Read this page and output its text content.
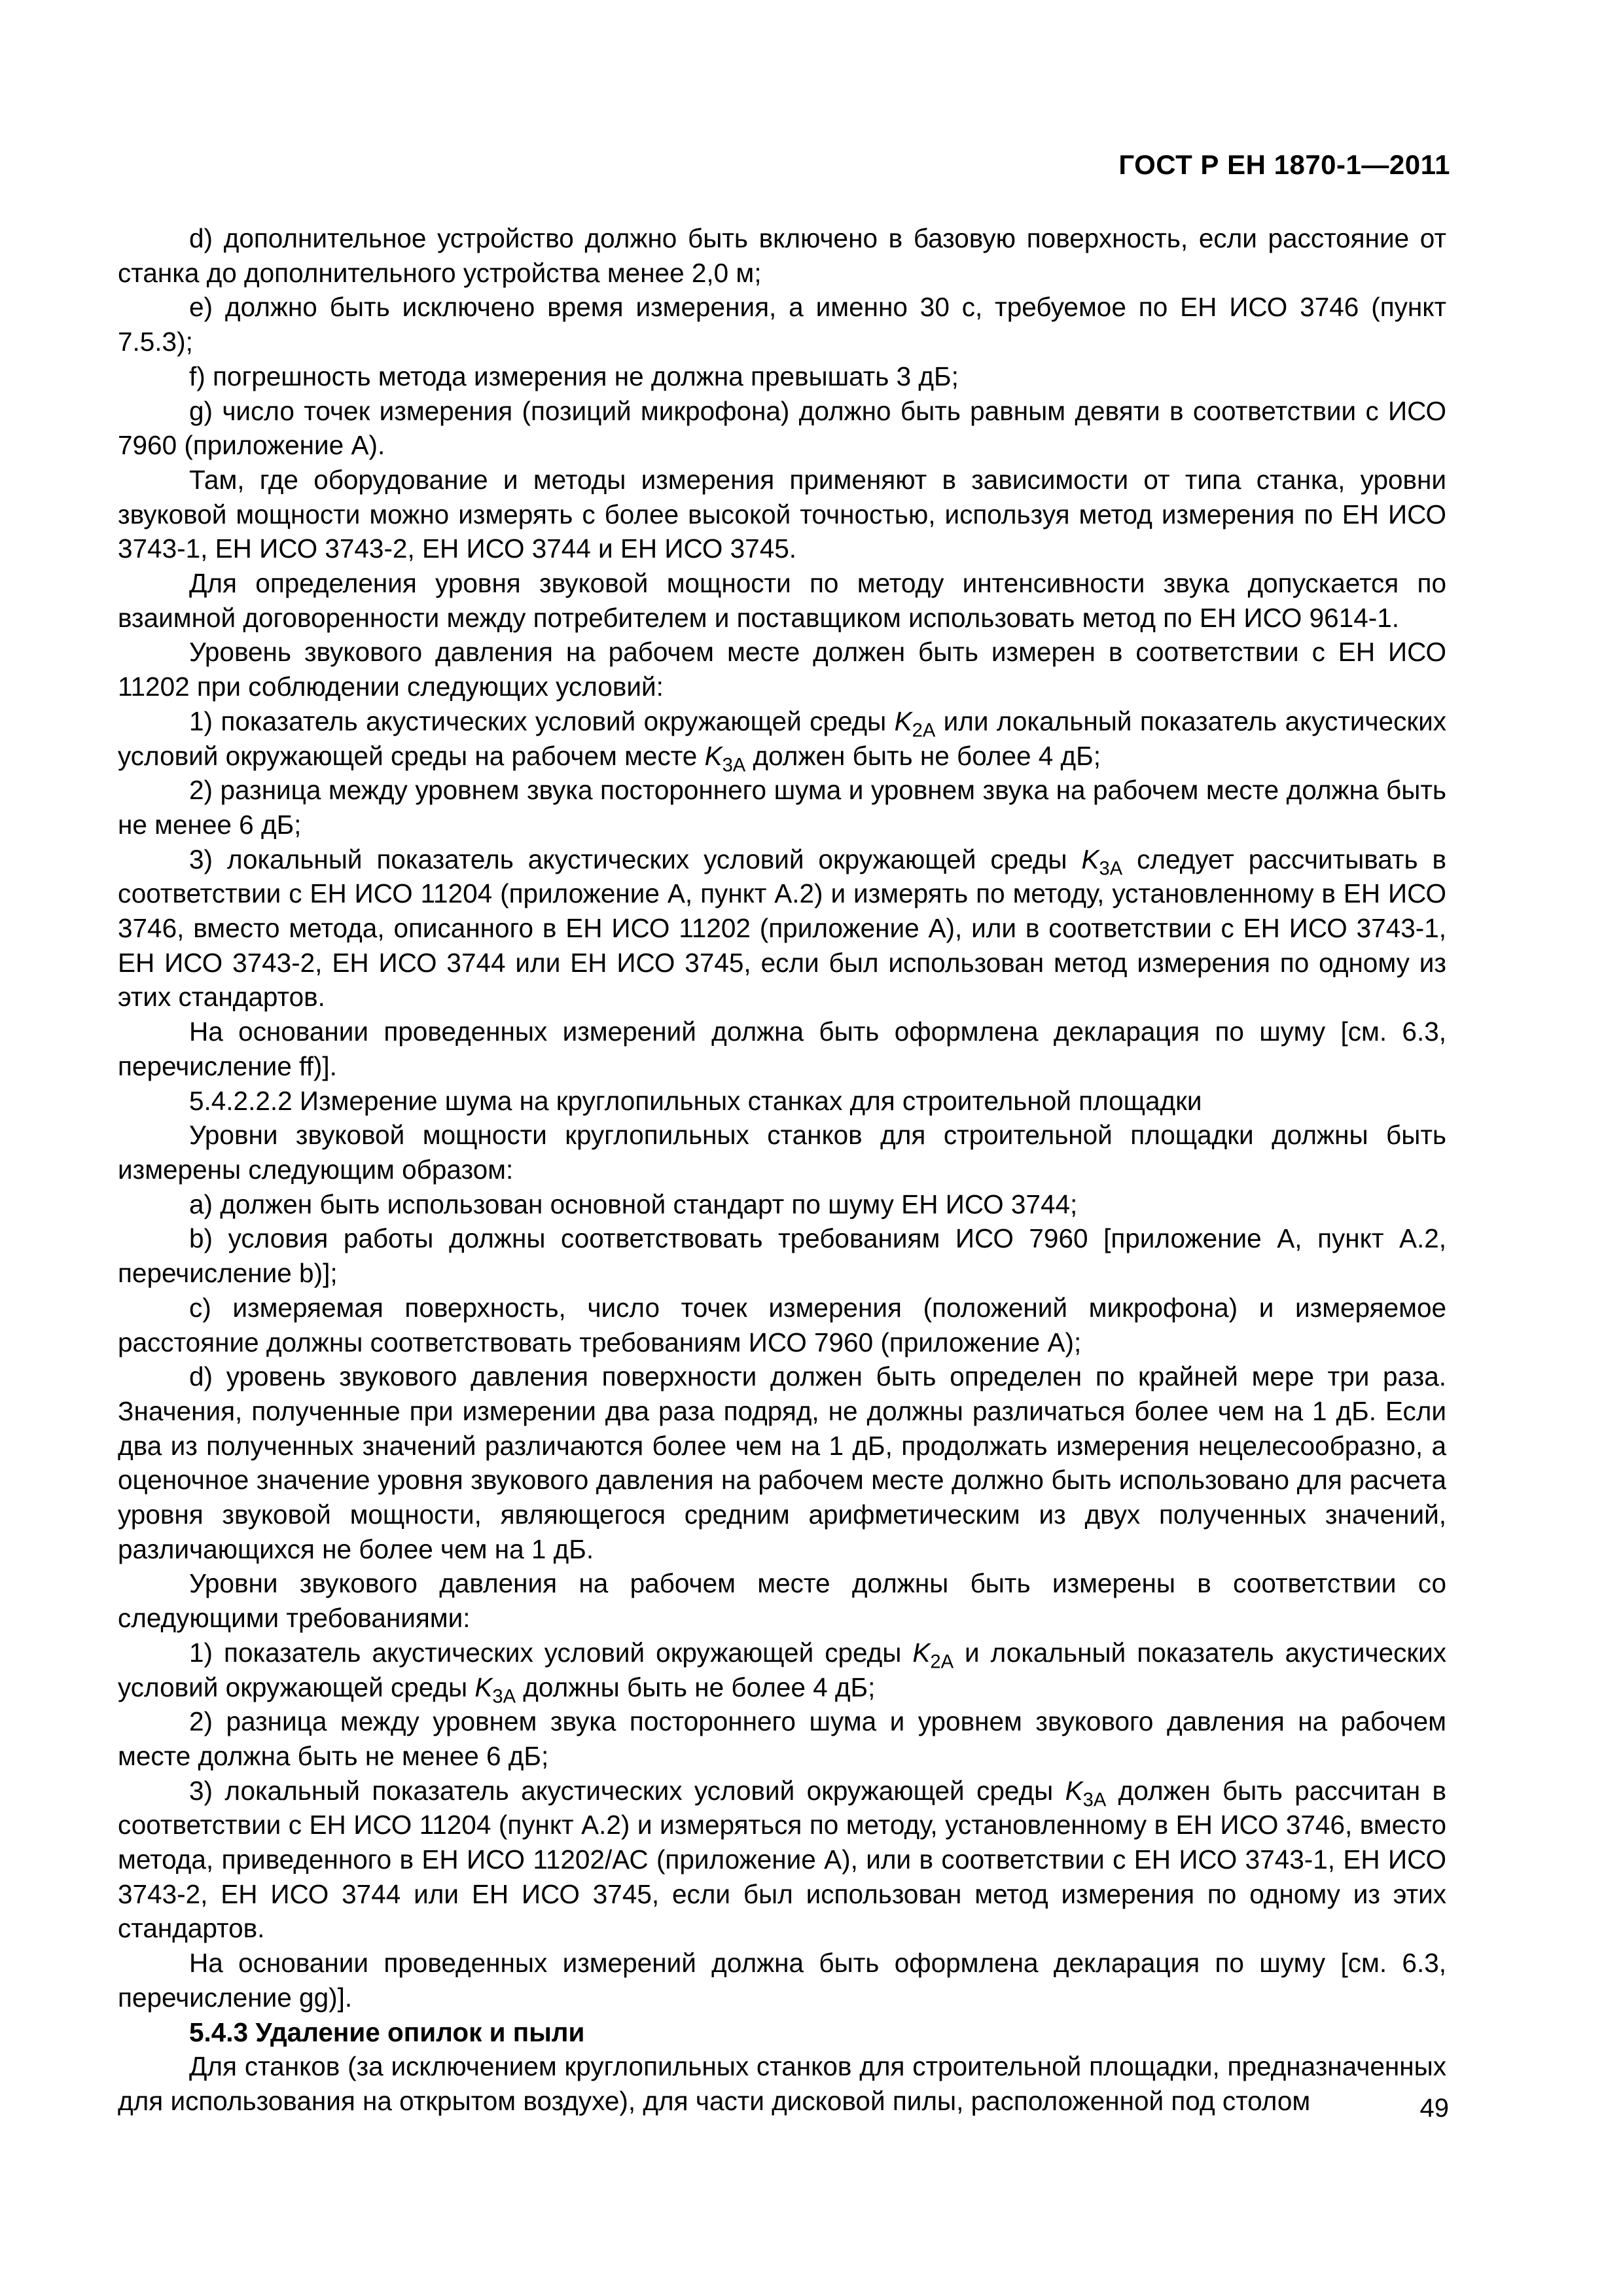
ГОСТ Р ЕН 1870-1—2011

d) дополнительное устройство должно быть включено в базовую поверхность, если расстояние от станка до дополнительного устройства менее 2,0 м;

e) должно быть исключено время измерения, а именно 30 с, требуемое по ЕН ИСО 3746 (пункт 7.5.3);

f) погрешность метода измерения не должна превышать 3 дБ;

g) число точек измерения (позиций микрофона) должно быть равным девяти в соответствии с ИСО 7960 (приложение А).

Там, где оборудование и методы измерения применяют в зависимости от типа станка, уровни звуковой мощности можно измерять с более высокой точностью, используя метод измерения по ЕН ИСО 3743-1, ЕН ИСО 3743-2, ЕН ИСО 3744 и ЕН ИСО 3745.

Для определения уровня звуковой мощности по методу интенсивности звука допускается по взаимной договоренности между потребителем и поставщиком использовать метод по ЕН ИСО 9614-1.

Уровень звукового давления на рабочем месте должен быть измерен в соответствии с ЕН ИСО 11202 при соблюдении следующих условий:

1) показатель акустических условий окружающей среды $K_{2A}$ или локальный показатель акустических условий окружающей среды на рабочем месте $K_{3A}$ должен быть не более 4 дБ;

2) разница между уровнем звука постороннего шума и уровнем звука на рабочем месте должна быть не менее 6 дБ;

3) локальный показатель акустических условий окружающей среды $K_{3A}$ следует рассчитывать в соответствии с ЕН ИСО 11204 (приложение А, пункт А.2) и измерять по методу, установленному в ЕН ИСО 3746, вместо метода, описанного в ЕН ИСО 11202 (приложение А), или в соответствии с ЕН ИСО 3743-1, ЕН ИСО 3743-2, ЕН ИСО 3744 или ЕН ИСО 3745, если был использован метод измерения по одному из этих стандартов.

На основании проведенных измерений должна быть оформлена декларация по шуму [см. 6.3, перечисление ff)].

5.4.2.2.2 Измерение шума на круглопильных станках для строительной площадки

Уровни звуковой мощности круглопильных станков для строительной площадки должны быть измерены следующим образом:

a) должен быть использован основной стандарт по шуму ЕН ИСО 3744;

b) условия работы должны соответствовать требованиям ИСО 7960 [приложение А, пункт А.2, перечисление b)];

c) измеряемая поверхность, число точек измерения (положений микрофона) и измеряемое расстояние должны соответствовать требованиям ИСО 7960 (приложение А);

d) уровень звукового давления поверхности должен быть определен по крайней мере три раза. Значения, полученные при измерении два раза подряд, не должны различаться более чем на 1 дБ. Если два из полученных значений различаются более чем на 1 дБ, продолжать измерения нецелесообразно, а оценочное значение уровня звукового давления на рабочем месте должно быть использовано для расчета уровня звуковой мощности, являющегося средним арифметическим из двух полученных значений, различающихся не более чем на 1 дБ.

Уровни звукового давления на рабочем месте должны быть измерены в соответствии со следующими требованиями:

1) показатель акустических условий окружающей среды $K_{2A}$ и локальный показатель акустических условий окружающей среды $K_{3A}$ должны быть не более 4 дБ;

2) разница между уровнем звука постороннего шума и уровнем звукового давления на рабочем месте должна быть не менее 6 дБ;

3) локальный показатель акустических условий окружающей среды $K_{3A}$ должен быть рассчитан в соответствии с ЕН ИСО 11204 (пункт А.2) и измеряться по методу, установленному в ЕН ИСО 3746, вместо метода, приведенного в ЕН ИСО 11202/АС (приложение А), или в соответствии с ЕН ИСО 3743-1, ЕН ИСО 3743-2, ЕН ИСО 3744 или ЕН ИСО 3745, если был использован метод измерения по одному из этих стандартов.

На основании проведенных измерений должна быть оформлена декларация по шуму [см. 6.3, перечисление gg)].

5.4.3 Удаление опилок и пыли

Для станков (за исключением круглопильных станков для строительной площадки, предназначенных для использования на открытом воздухе), для части дисковой пилы, расположенной под столом	49
